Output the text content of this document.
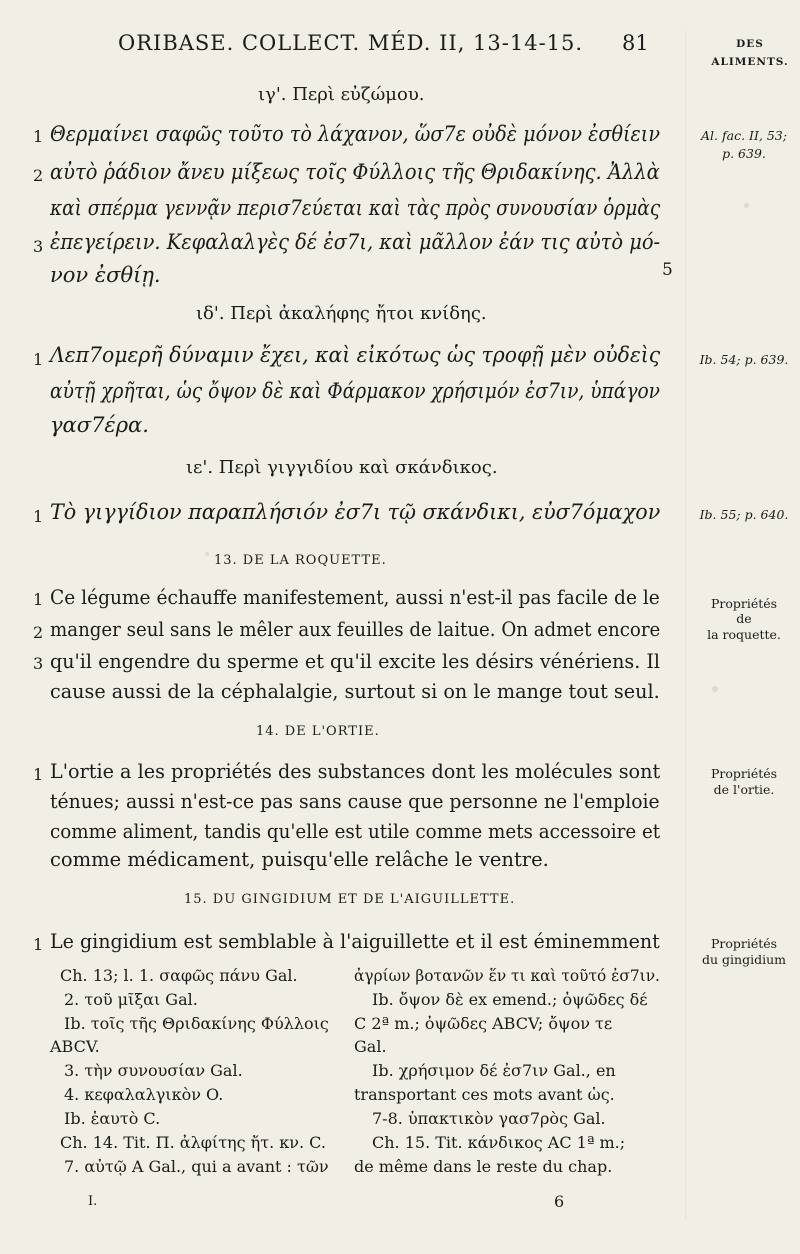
ORIBASE. COLLECT. MÉD. II, 13-14-15. 81	DES
ALIMENTS.
ιγ'. Περὶ εὐζώμου.
1 Θερμαίνει σαφῶς τοῦτο τὸ λάχανον, ὥσ7ε οὐδὲ μόνον ἐσθίειν
2 αὐτὸ ῥάδιον ἄνευ μίξεως τοῖς Φύλλοις τῆς Θριδακίνης. Ἀλλὰ
καὶ σπέρμα γεννᾷν περισ7εύεται καὶ τὰς πρὸς συνουσίαν ὁρμὰς
3 ἐπεγείρειν. Κεφαλαλγὲς δέ ἐσ7ι, καὶ μᾶλλον ἐάν τις αὐτὸ μό-
νον ἐσθίῃ.	5
Al. fac. II, 53;
p. 639.
ιδ'. Περὶ ἀκαλήφης ἤτοι κνίδης.
1 Λεπ7ομερῆ δύναμιν ἔχει, καὶ εἰκότως ὡς τροφῇ μὲν οὐδεὶς
αὐτῇ χρῆται, ὡς ὄψον δὲ καὶ Φάρμακον χρήσιμόν ἐσ7ιν, ὑπάγον
γασ7έρα.
Ib. 54; p. 639.
ιε'. Περὶ γιγγιδίου καὶ σκάνδικος.
1 Τὸ γιγγίδιον παραπλήσιόν ἐσ7ι τῷ σκάνδικι, εὐσ7όμαχον	Ib. 55; p. 640.
13. DE LA ROQUETTE.
1 Ce légume échauffe manifestement, aussi n'est-il pas facile de le
2 manger seul sans le mêler aux feuilles de laitue. On admet encore
3 qu'il engendre du sperme et qu'il excite les désirs vénériens. Il
cause aussi de la céphalalgie, surtout si on le mange tout seul.
Propriétés
de
la roquette.
14. DE L'ORTIE.
1 L'ortie a les propriétés des substances dont les molécules sont
ténues; aussi n'est-ce pas sans cause que personne ne l'emploie
comme aliment, tandis qu'elle est utile comme mets accessoire et
comme médicament, puisqu'elle relâche le ventre.
Propriétés
de l'ortie.
15. DU GINGIDIUM ET DE L'AIGUILLETTE.
1 Le gingidium est semblable à l'aiguillette et il est éminemment	Propriétés
du gingidium
Ch. 13; l. 1. σαφῶς πάνυ Gal.
2. τοῦ μῖξαι Gal.
Ib. τοῖς τῆς Θριδακίνης Φύλλοις
ABCV.
3. τὴν συνουσίαν Gal.
4. κεφαλαλγικὸν O.
Ib. ἑαυτὸ C.
Ch. 14. Tit. Π. ἀλφίτης ἤτ. κν. C.
7. αὐτῷ A Gal., qui a avant : τῶν
ἀγρίων βοτανῶν ἕν τι καὶ τοῦτό ἐσ7ιν.
Ib. ὄψον δὲ ex emend.; ὀψῶδες δέ
C 2ª m.; ὀψῶδες ABCV; ὄψον τε
Gal.
Ib. χρήσιμον δέ ἐσ7ιν Gal., en
transportant ces mots avant ὡς.
7-8. ὑπακτικὸν γασ7ρὸς Gal.
Ch. 15. Tit. κάνδικος AC 1ª m.;
de même dans le reste du chap.
I.	6
